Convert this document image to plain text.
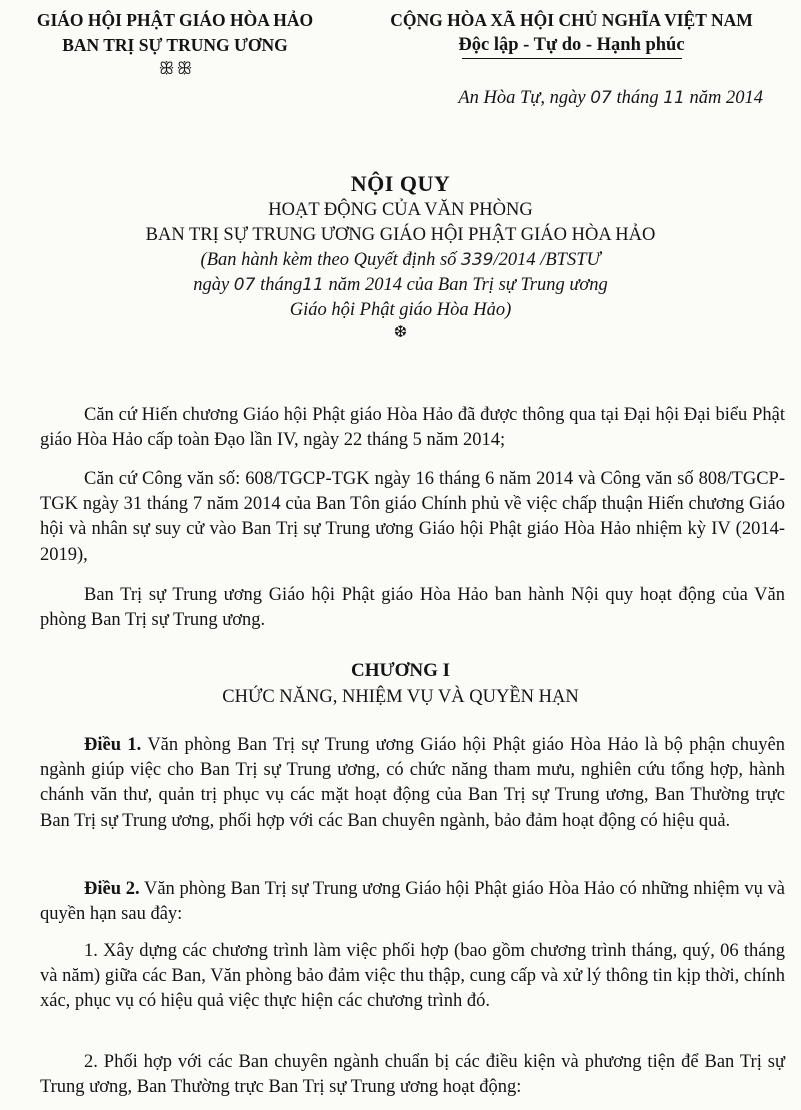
GIÁO HỘI PHẬT GIÁO HÒA HẢO
BAN TRỊ SỰ TRUNG ƯƠNG
ꕥ ꕥ
CỘNG HÒA XÃ HỘI CHỦ NGHĨA VIỆT NAM
Độc lập - Tự do - Hạnh phúc
An Hòa Tự, ngày 07 tháng 11 năm 2014
NỘI QUY
HOẠT ĐỘNG CỦA VĂN PHÒNG
BAN TRỊ SỰ TRUNG ƯƠNG GIÁO HỘI PHẬT GIÁO HÒA HẢO
(Ban hành kèm theo Quyết định số 339/2014 /BTSTƯ
ngày 07 tháng11 năm 2014 của Ban Trị sự Trung ương
Giáo hội Phật giáo Hòa Hảo)
❆
Căn cứ Hiến chương Giáo hội Phật giáo Hòa Hảo đã được thông qua tại Đại hội Đại biểu Phật giáo Hòa Hảo cấp toàn Đạo lần IV, ngày 22 tháng 5 năm 2014;
Căn cứ Công văn số: 608/TGCP-TGK ngày 16 tháng 6 năm 2014 và Công văn số 808/TGCP-TGK ngày 31 tháng 7 năm 2014 của Ban Tôn giáo Chính phủ về việc chấp thuận Hiến chương Giáo hội và nhân sự suy cử vào Ban Trị sự Trung ương Giáo hội Phật giáo Hòa Hảo nhiệm kỳ IV (2014- 2019),
Ban Trị sự Trung ương Giáo hội Phật giáo Hòa Hảo ban hành Nội quy hoạt động của Văn phòng Ban Trị sự Trung ương.
CHƯƠNG I
CHỨC NĂNG, NHIỆM VỤ VÀ QUYỀN HẠN
Điều 1. Văn phòng Ban Trị sự Trung ương Giáo hội Phật giáo Hòa Hảo là bộ phận chuyên ngành giúp việc cho Ban Trị sự Trung ương, có chức năng tham mưu, nghiên cứu tổng hợp, hành chánh văn thư, quản trị phục vụ các mặt hoạt động của Ban Trị sự Trung ương, Ban Thường trực Ban Trị sự Trung ương, phối hợp với các Ban chuyên ngành, bảo đảm hoạt động có hiệu quả.
Điều 2. Văn phòng Ban Trị sự Trung ương Giáo hội Phật giáo Hòa Hảo có những nhiệm vụ và quyền hạn sau đây:
1. Xây dựng các chương trình làm việc phối hợp (bao gồm chương trình tháng, quý, 06 tháng và năm) giữa các Ban, Văn phòng bảo đảm việc thu thập, cung cấp và xử lý thông tin kịp thời, chính xác, phục vụ có hiệu quả việc thực hiện các chương trình đó.
2. Phối hợp với các Ban chuyên ngành chuẩn bị các điều kiện và phương tiện để Ban Trị sự Trung ương, Ban Thường trực Ban Trị sự Trung ương hoạt động:
